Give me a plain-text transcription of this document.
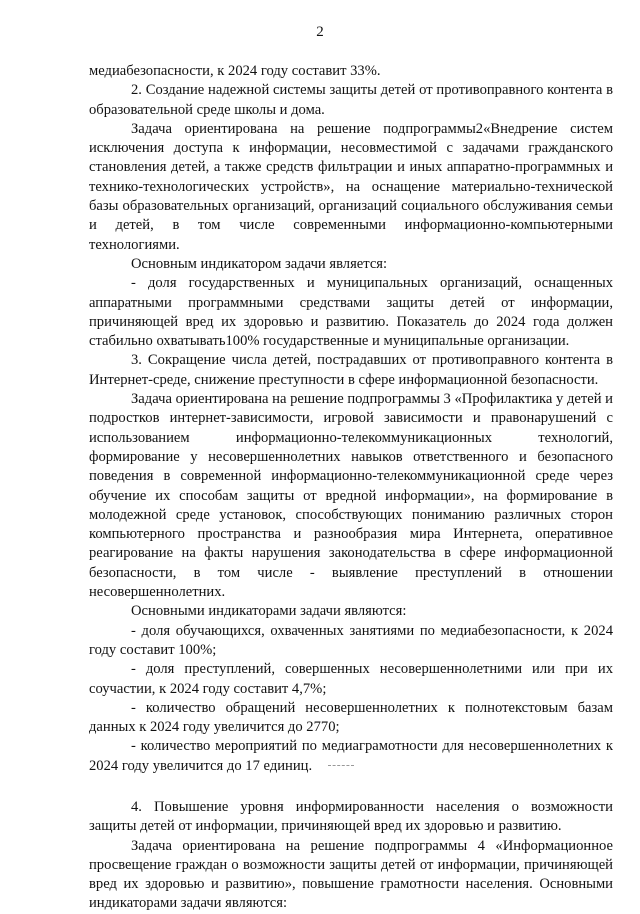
2

медиабезопасности, к 2024 году составит 33%.

2. Создание надежной системы защиты детей от противоправного контента в образовательной среде школы и дома.

Задача ориентирована на решение подпрограммы2«Внедрение систем исключения доступа к информации, несовместимой с задачами гражданского становления детей, а также средств фильтрации и иных аппаратно-программных и технико-технологических устройств», на оснащение материально-технической базы образовательных организаций, организаций социального обслуживания семьи и детей, в том числе современными информационно-компьютерными технологиями.

Основным индикатором задачи является:

- доля государственных и муниципальных организаций, оснащенных аппаратными программными средствами защиты детей от информации, причиняющей вред их здоровью и развитию. Показатель до 2024 года должен стабильно охватывать100% государственные и муниципальные организации.

3. Сокращение числа детей, пострадавших от противоправного контента в Интернет-среде, снижение преступности в сфере информационной безопасности.

Задача ориентирована на решение подпрограммы 3 «Профилактика у детей и подростков интернет-зависимости, игровой зависимости и правонарушений с использованием информационно-телекоммуникационных технологий, формирование у несовершеннолетних навыков ответственного и безопасного поведения в современной информационно-телекоммуникационной среде через обучение их способам защиты от вредной информации», на формирование в молодежной среде установок, способствующих пониманию различных сторон компьютерного пространства и разнообразия мира Интернета, оперативное реагирование на факты нарушения законодательства в сфере информационной безопасности, в том числе - выявление преступлений в отношении несовершеннолетних.

Основными индикаторами задачи являются:

- доля обучающихся, охваченных занятиями по медиабезопасности, к 2024 году составит 100%;

- доля преступлений, совершенных несовершеннолетними или при их соучастии, к 2024 году составит 4,7%;

- количество обращений несовершеннолетних к полнотекстовым базам данных к 2024 году увеличится до 2770;

- количество мероприятий по медиаграмотности для несовершеннолетних к 2024 году увеличится до 17 единиц.

4. Повышение уровня информированности населения о возможности защиты детей от информации, причиняющей вред их здоровью и развитию.

Задача ориентирована на решение подпрограммы 4 «Информационное просвещение граждан о возможности защиты детей от информации, причиняющей вред их здоровью и развитию», повышение грамотности населения. Основными индикаторами задачи являются:
